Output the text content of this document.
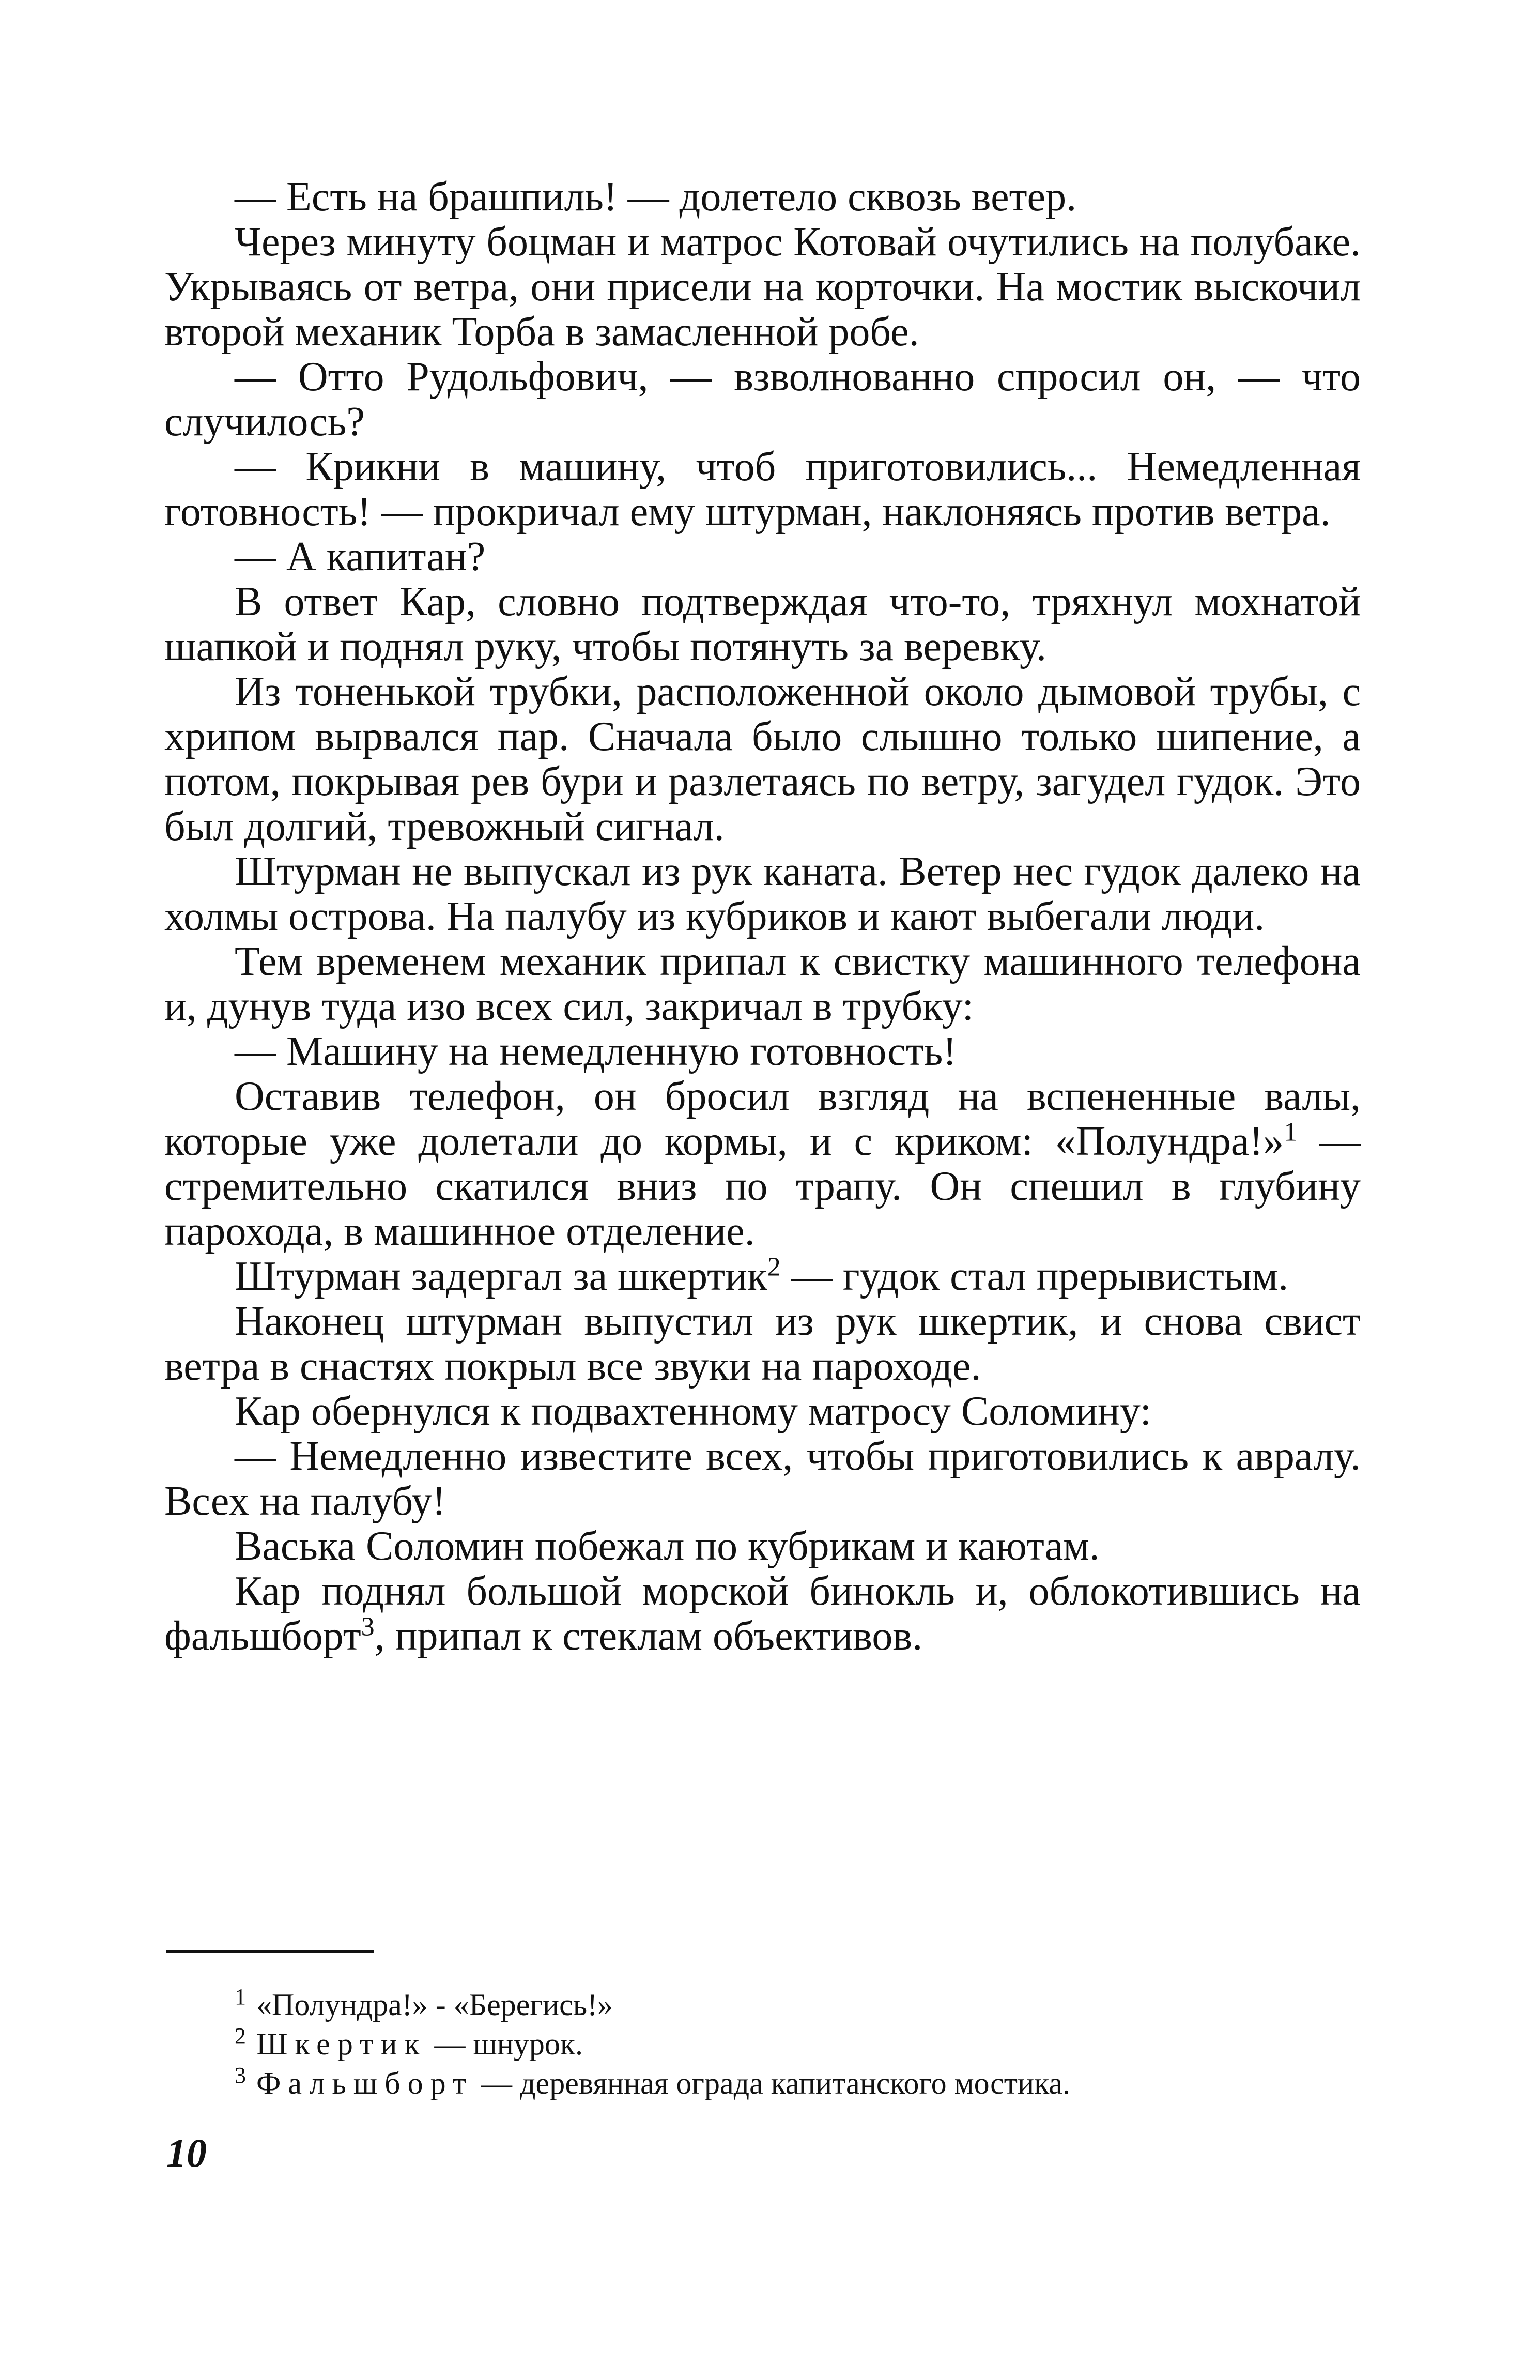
— Есть на брашпиль! — долетело сквозь ветер.

Через минуту боцман и матрос Котовай очутились на полубаке. Укрываясь от ветра, они присели на корточки. На мостик выскочил второй механик Торба в замасленной робе.

— Отто Рудольфович, — взволнованно спросил он, — что случилось?

— Крикни в машину, чтоб приготовились... Немедленная готовность! — прокричал ему штурман, наклоняясь против ветра.

— А капитан?

В ответ Кар, словно подтверждая что-то, тряхнул мохнатой шапкой и поднял руку, чтобы потянуть за веревку.

Из тоненькой трубки, расположенной около дымовой трубы, с хрипом вырвался пар. Сначала было слышно только шипение, а потом, покрывая рев бури и разлетаясь по ветру, загудел гудок. Это был долгий, тревожный сигнал.

Штурман не выпускал из рук каната. Ветер нес гудок далеко на холмы острова. На палубу из кубриков и кают выбегали люди.

Тем временем механик припал к свистку машинного телефона и, дунув туда изо всех сил, закричал в трубку:

— Машину на немедленную готовность!

Оставив телефон, он бросил взгляд на вспененные валы, которые уже долетали до кормы, и с криком: «Полундра!»$^1$ — стремительно скатился вниз по трапу. Он спешил в глубину парохода, в машинное отделение.

Штурман задергал за шкертик$^2$ — гудок стал прерывистым.

Наконец штурман выпустил из рук шкертик, и снова свист ветра в снастях покрыл все звуки на пароходе.

Кар обернулся к подвахтенному матросу Соломину:

— Немедленно известите всех, чтобы приготовились к авралу. Всех на палубу!

Васька Соломин побежал по кубрикам и каютам.

Кар поднял большой морской бинокль и, облокотившись на фальшборт$^3$, припал к стеклам объективов.

$^1$ «Полундра!» - «Берегись!»
$^2$ Шкертик — шнурок.
$^3$ Фальшборт — деревянная ограда капитанского мостика.
10
